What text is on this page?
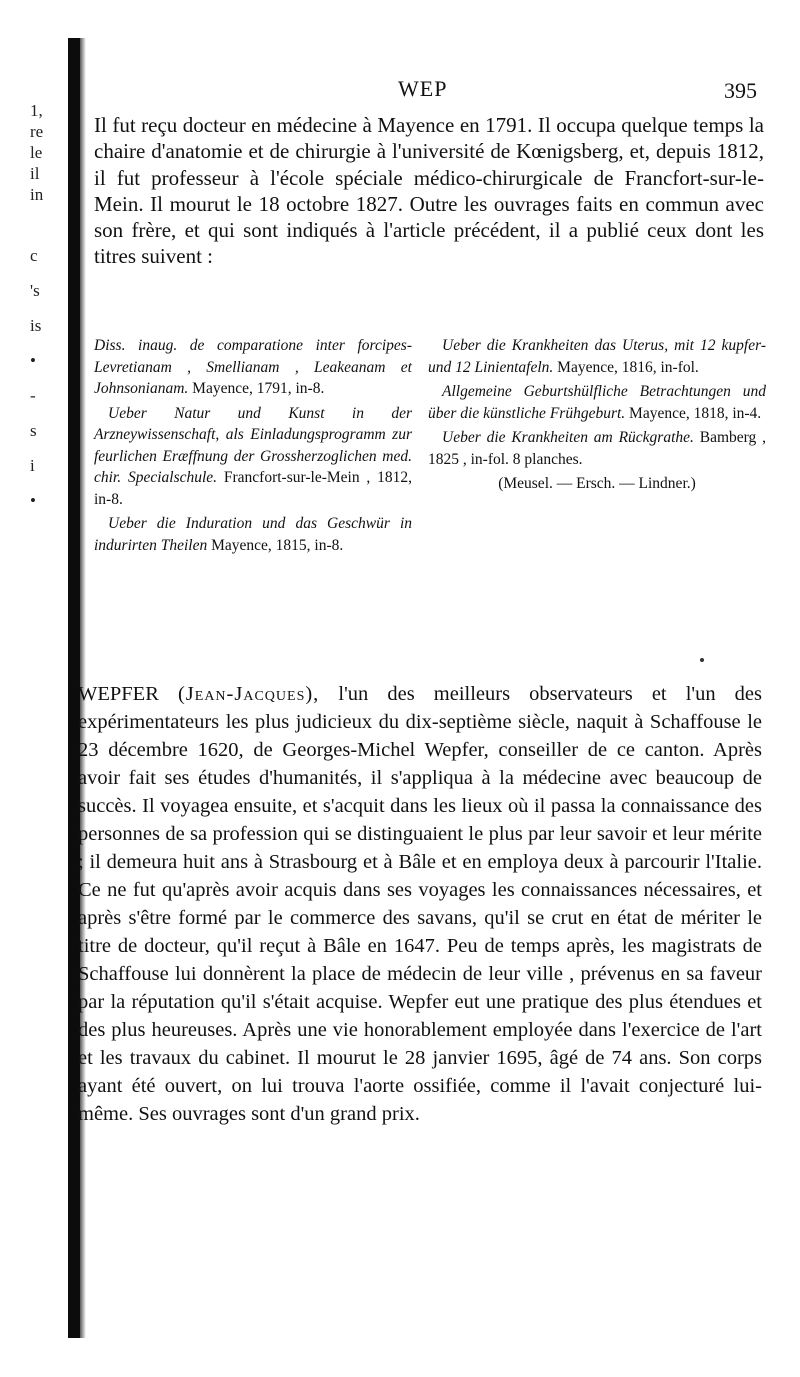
1,
re
le
il
in
c
's
is
•
-
s
i
•
WEP	395
Il fut reçu docteur en médecine à Mayence en 1791. Il occupa quelque temps la chaire d'anatomie et de chirurgie à l'université de Kœnigsberg, et, depuis 1812, il fut professeur à l'école spéciale médico-chirurgicale de Francfort-sur-le-Mein. Il mourut le 18 octobre 1827. Outre les ouvrages faits en commun avec son frère, et qui sont indiqués à l'article précédent, il a publié ceux dont les titres suivent :

Diss. inaug. de comparatione inter forcipes-Levretianam , Smellianam , Leakeanam et Johnsonianam. Mayence, 1791, in-8.

Ueber Natur und Kunst in der Arzneywissenschaft, als Einladungsprogramm zur feurlichen Eræffnung der Grossherzoglichen med. chir. Specialschule. Francfort-sur-le-Mein , 1812, in-8.

Ueber die Induration und das Geschwür in indurirten Theilen Mayence, 1815, in-8.

Ueber die Krankheiten das Uterus, mit 12 kupfer-und 12 Linientafeln. Mayence, 1816, in-fol.

Allgemeine Geburtshülfliche Betrachtungen und über die künstliche Frühgeburt. Mayence, 1818, in-4.

Ueber die Krankheiten am Rückgrathe. Bamberg , 1825 , in-fol. 8 planches.

(Meusel. — Ersch. — Lindner.)

WEPFER (Jean-Jacques), l'un des meilleurs observateurs et l'un des expérimentateurs les plus judicieux du dix-septième siècle, naquit à Schaffouse le 23 décembre 1620, de Georges-Michel Wepfer, conseiller de ce canton. Après avoir fait ses études d'humanités, il s'appliqua à la médecine avec beaucoup de succès. Il voyagea ensuite, et s'acquit dans les lieux où il passa la connaissance des personnes de sa profession qui se distinguaient le plus par leur savoir et leur mérite ; il demeura huit ans à Strasbourg et à Bâle et en employa deux à parcourir l'Italie. Ce ne fut qu'après avoir acquis dans ses voyages les connaissances nécessaires, et après s'être formé par le commerce des savans, qu'il se crut en état de mériter le titre de docteur, qu'il reçut à Bâle en 1647. Peu de temps après, les magistrats de Schaffouse lui donnèrent la place de médecin de leur ville , prévenus en sa faveur par la réputation qu'il s'était acquise. Wepfer eut une pratique des plus étendues et des plus heureuses. Après une vie honorablement employée dans l'exercice de l'art et les travaux du cabinet. Il mourut le 28 janvier 1695, âgé de 74 ans. Son corps ayant été ouvert, on lui trouva l'aorte ossifiée, comme il l'avait conjecturé lui-même. Ses ouvrages sont d'un grand prix.
